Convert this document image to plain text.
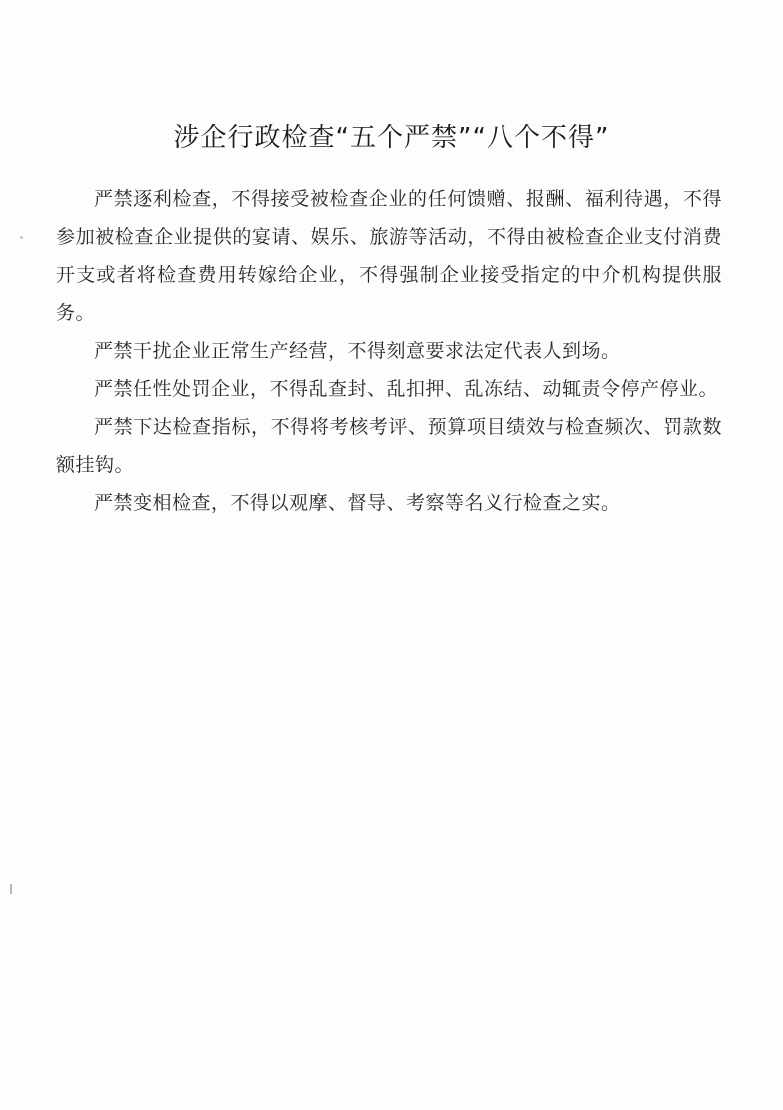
涉企行政检查“五个严禁”“八个不得”

严禁逐利检查，不得接受被检查企业的任何馈赠、报酬、福利待遇，不得参加被检查企业提供的宴请、娱乐、旅游等活动，不得由被检查企业支付消费开支或者将检查费用转嫁给企业，不得强制企业接受指定的中介机构提供服务。

严禁干扰企业正常生产经营，不得刻意要求法定代表人到场。

严禁任性处罚企业，不得乱查封、乱扣押、乱冻结、动辄责令停产停业。

严禁下达检查指标，不得将考核考评、预算项目绩效与检查频次、罚款数额挂钩。

严禁变相检查，不得以观摩、督导、考察等名义行检查之实。
